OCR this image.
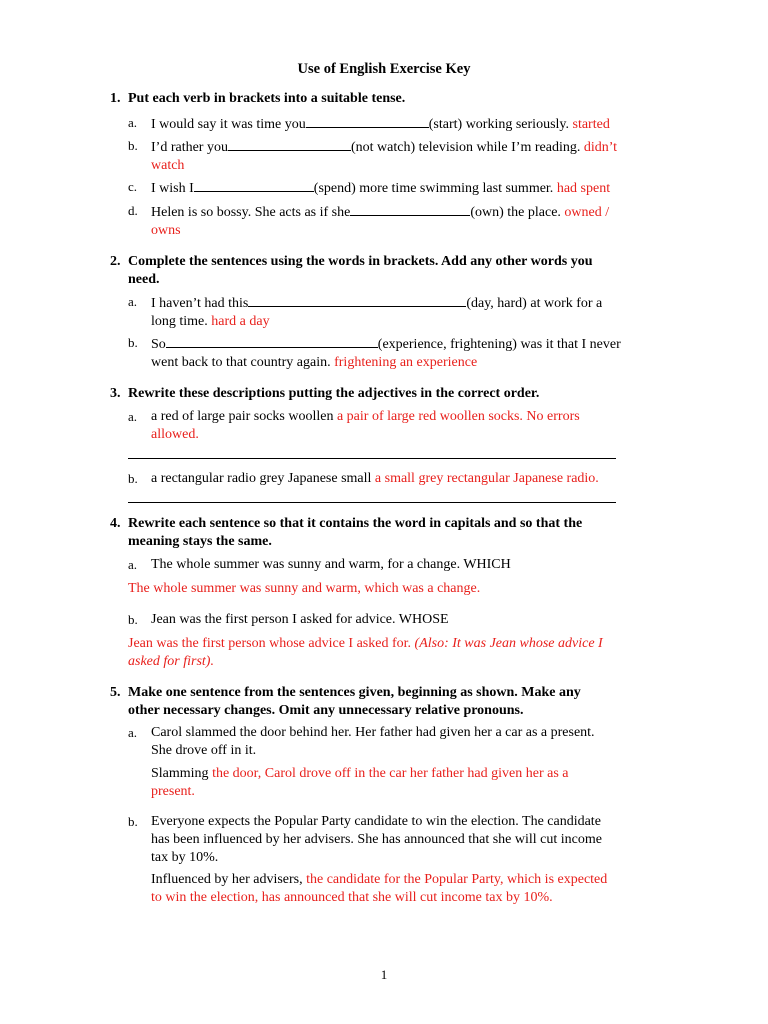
Use of English Exercise Key
1. Put each verb in brackets into a suitable tense.
a. I would say it was time you	(start) working seriously. started
b. I’d rather you	(not watch) television while I’m reading. didn’t
watch
c. I wish I	(spend) more time swimming last summer. had spent
d. Helen is so bossy. She acts as if she	(own) the place. owned /
owns
2. Complete the sentences using the words in brackets. Add any other words you
need.
a. I haven’t had this	(day, hard) at work for a
long time. hard a day
b. So	(experience, frightening) was it that I never
went back to that country again. frightening an experience
3. Rewrite these descriptions putting the adjectives in the correct order.
a. a red of large pair socks woollen a pair of large red woollen socks. No errors
allowed.
b. a rectangular radio grey Japanese small a small grey rectangular Japanese radio.
4. Rewrite each sentence so that it contains the word in capitals and so that the
meaning stays the same.
a. The whole summer was sunny and warm, for a change. WHICH
The whole summer was sunny and warm, which was a change.
b. Jean was the first person I asked for advice. WHOSE
Jean was the first person whose advice I asked for. (Also: It was Jean whose advice I
asked for first).
5. Make one sentence from the sentences given, beginning as shown. Make any
other necessary changes. Omit any unnecessary relative pronouns.
a. Carol slammed the door behind her. Her father had given her a car as a present.
She drove off in it.
Slamming the door, Carol drove off in the car her father had given her as a
present.
b. Everyone expects the Popular Party candidate to win the election. The candidate
has been influenced by her advisers. She has announced that she will cut income
tax by 10%.
Influenced by her advisers, the candidate for the Popular Party, which is expected
to win the election, has announced that she will cut income tax by 10%.
1
